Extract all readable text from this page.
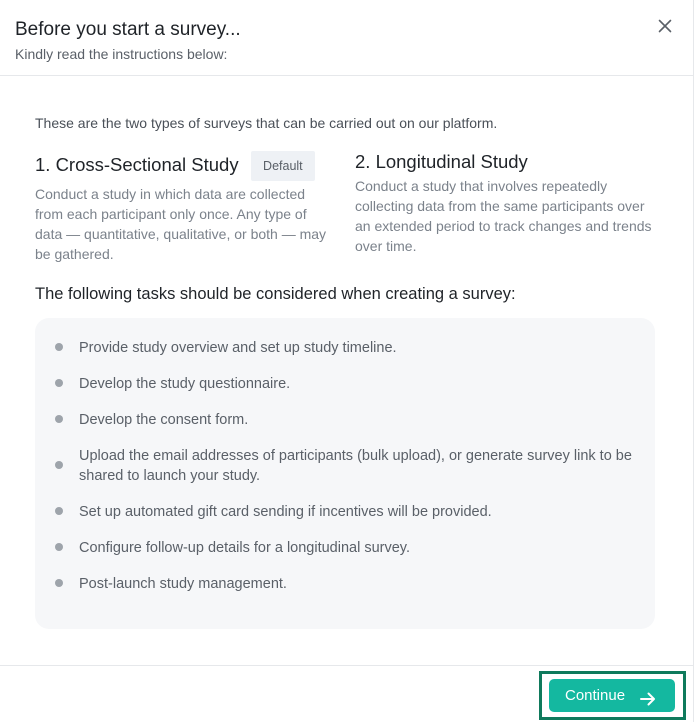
Before you start a survey...
Kindly read the instructions below:
These are the two types of surveys that can be carried out on our platform.
1. Cross-Sectional Study Default
Conduct a study in which data are collected from each participant only once. Any type of data — quantitative, qualitative, or both — may be gathered.
2. Longitudinal Study
Conduct a study that involves repeatedly collecting data from the same participants over an extended period to track changes and trends over time.
The following tasks should be considered when creating a survey:
Provide study overview and set up study timeline.
Develop the study questionnaire.
Develop the consent form.
Upload the email addresses of participants (bulk upload), or generate survey link to be shared to launch your study.
Set up automated gift card sending if incentives will be provided.
Configure follow-up details for a longitudinal survey.
Post-launch study management.
Continue
